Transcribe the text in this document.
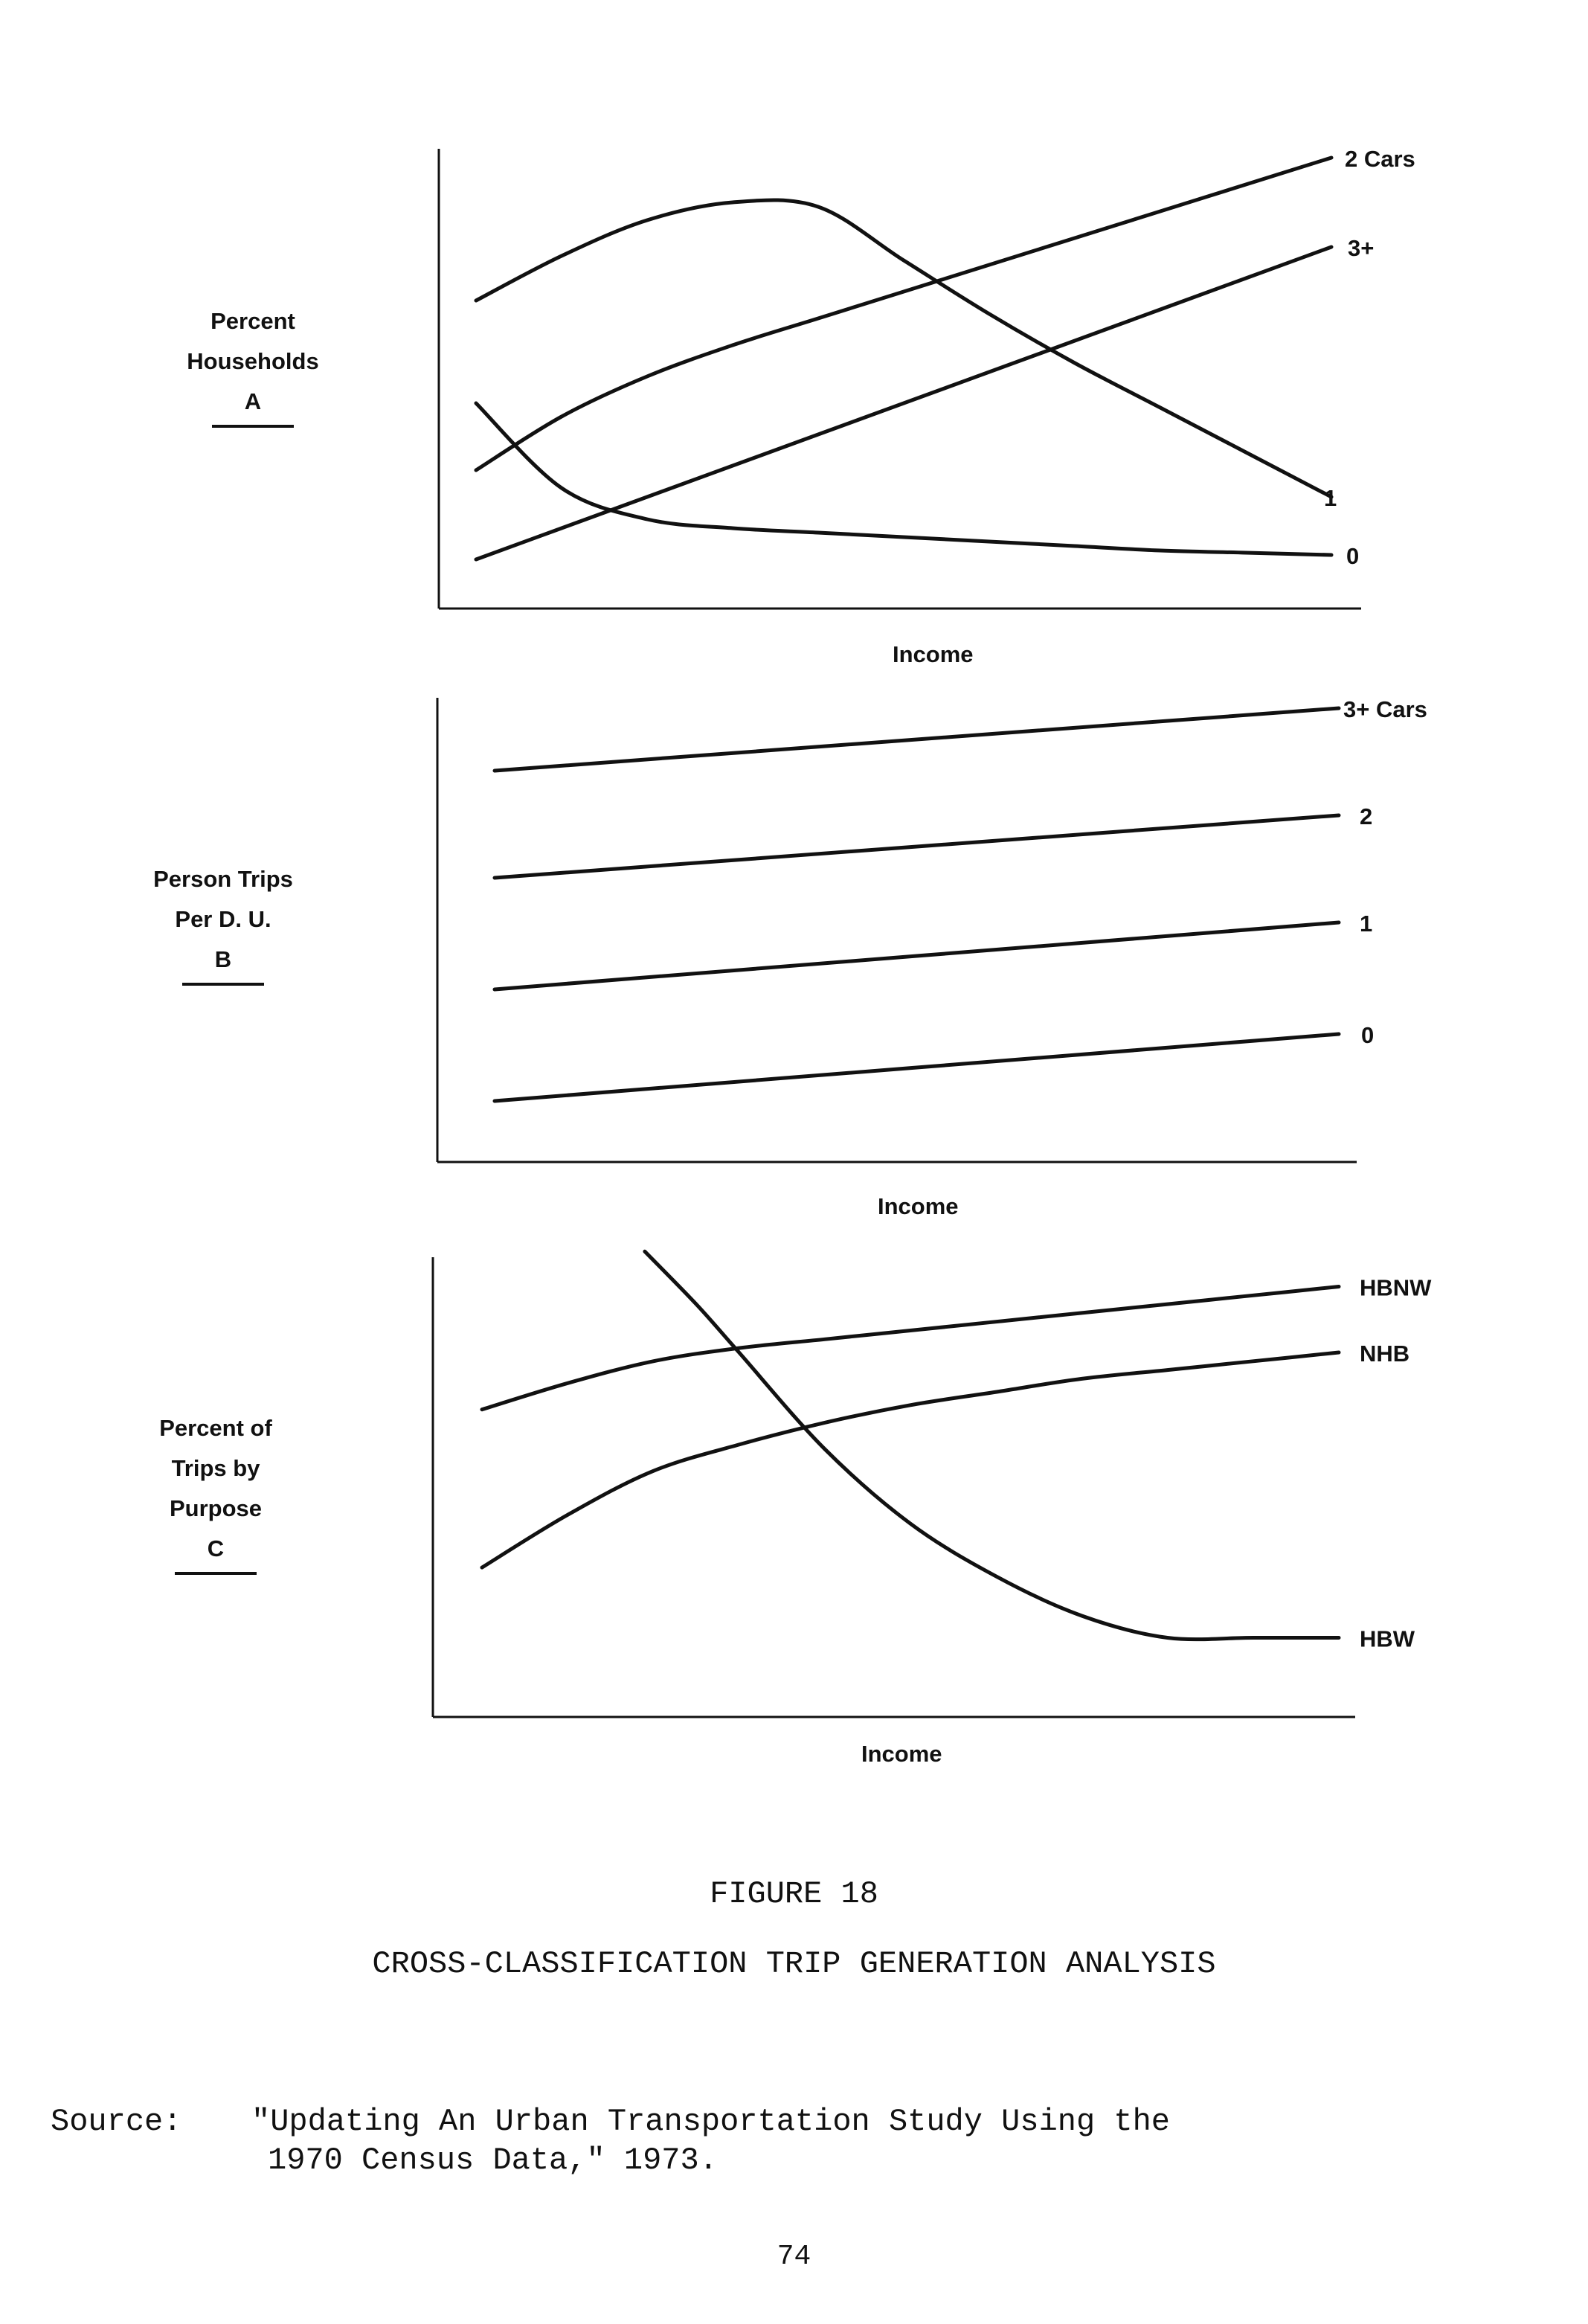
Percent
Households
A
Person Trips
Per D. U.
B
Percent of
Trips by
Purpose
C
2 Cars
3+
1
0
3+ Cars
2
1
0
HBNW
NHB
HBW
Income
Income
Income
FIGURE 18
CROSS-CLASSIFICATION TRIP GENERATION ANALYSIS
Source: "Updating An Urban Transportation Study Using the
1970 Census Data," 1973.
74
